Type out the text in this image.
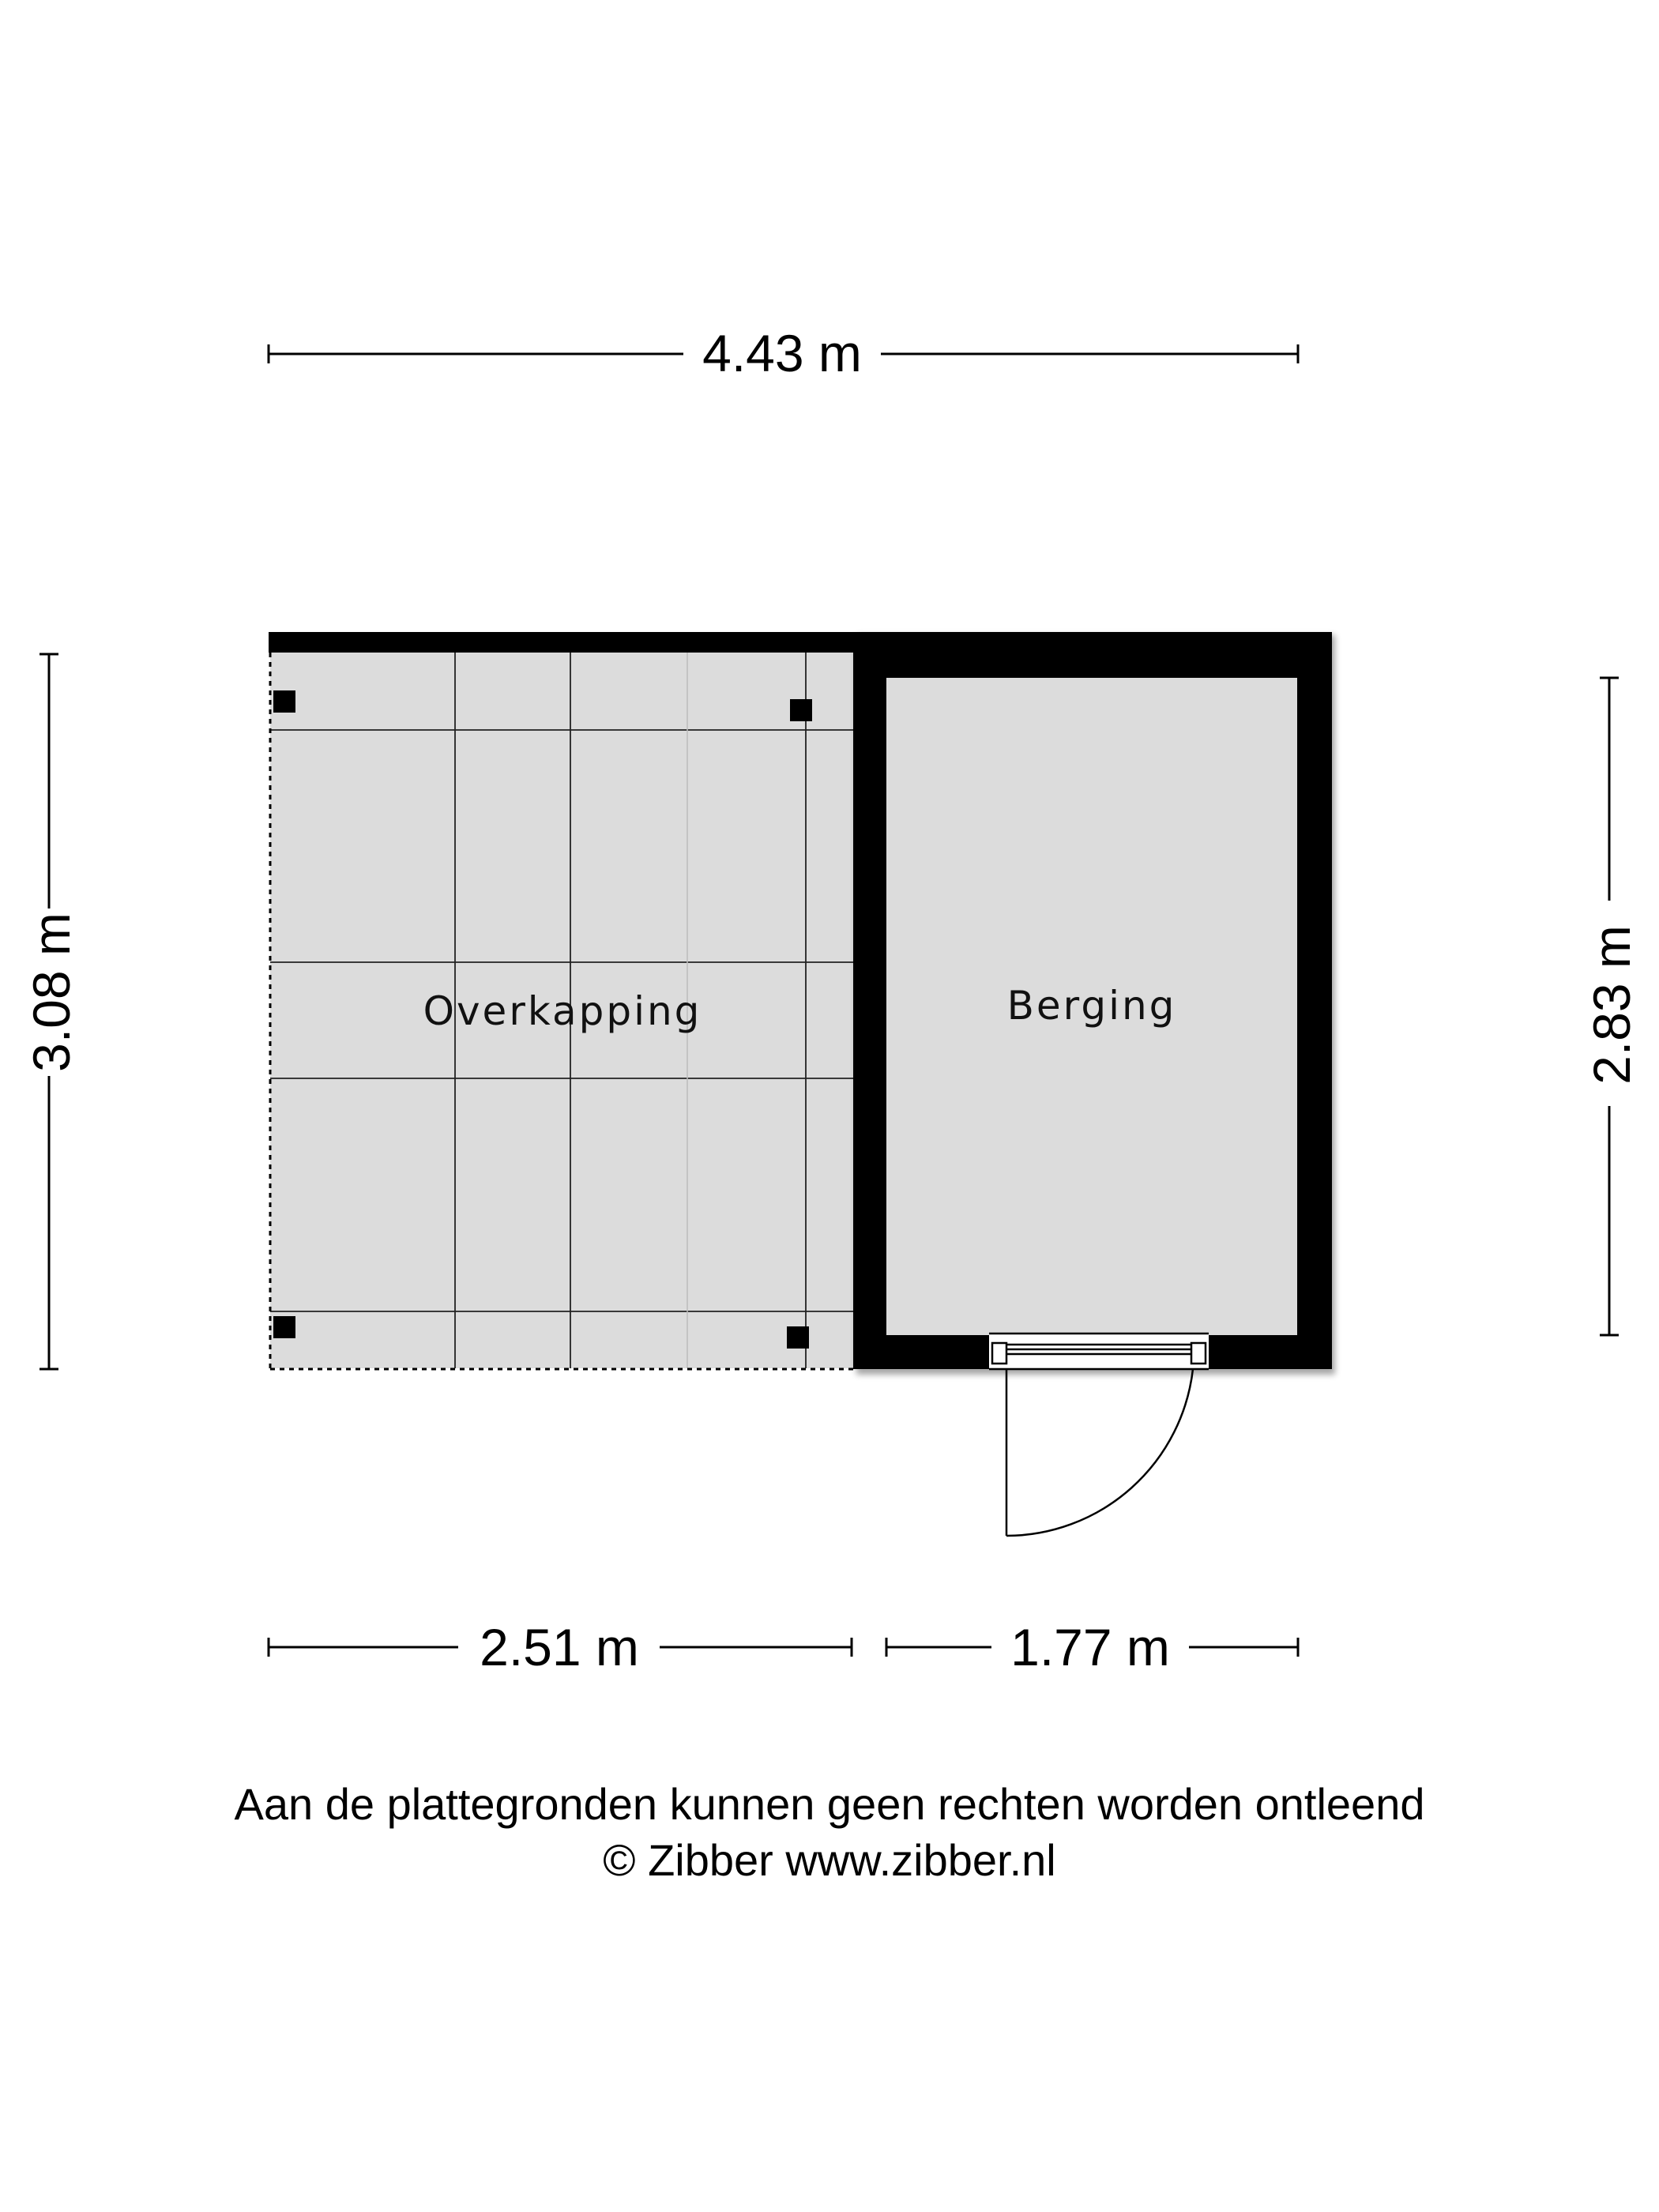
4.43 m
3.08 m	2.83 m
2.51 m	1.77 m
Overkapping	Berging
Aan de plattegronden kunnen geen rechten worden ontleend
© Zibber www.zibber.nl
